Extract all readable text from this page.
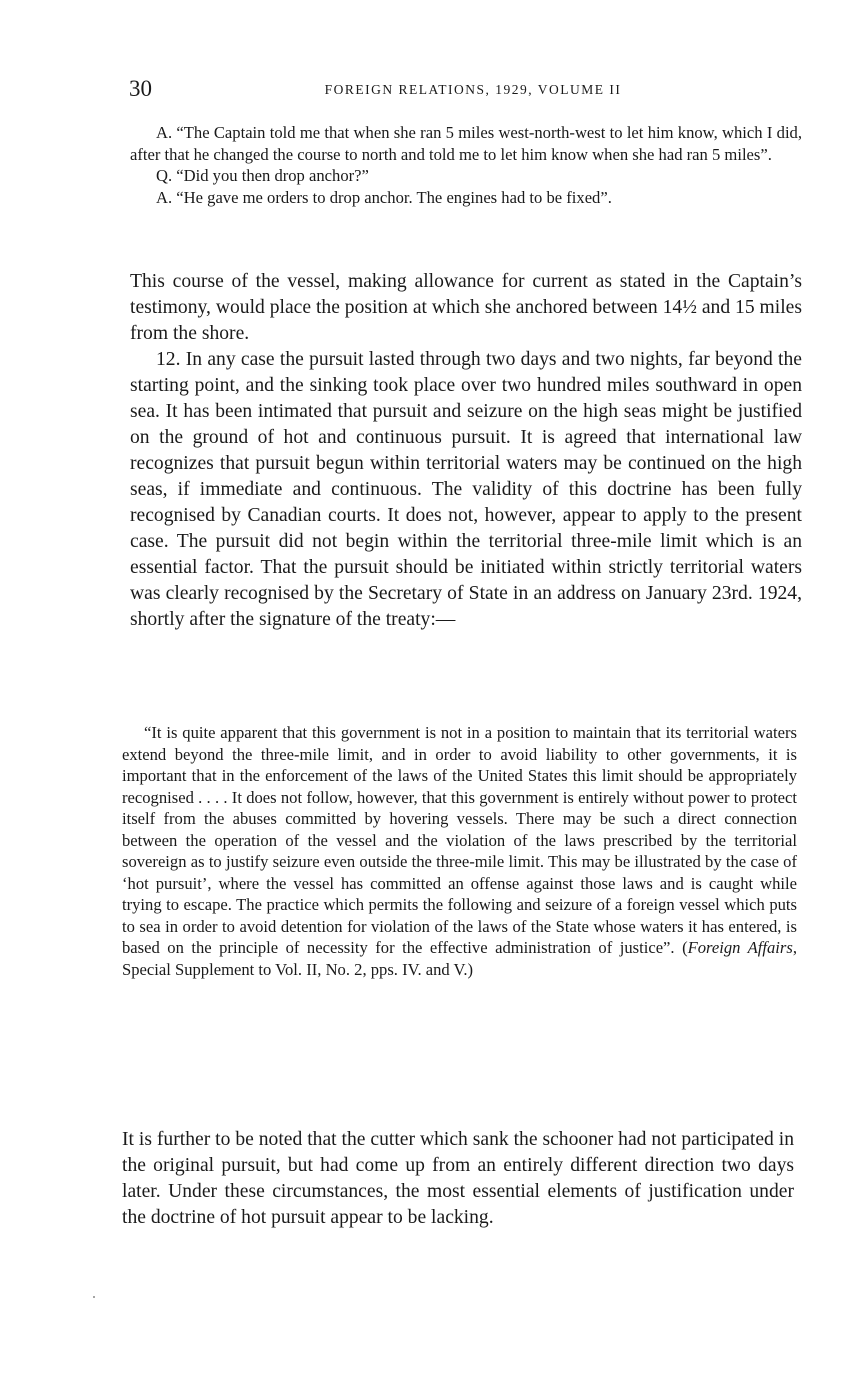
30	FOREIGN RELATIONS, 1929, VOLUME II

A. “The Captain told me that when she ran 5 miles west-north-west to let him know, which I did, after that he changed the course to north and told me to let him know when she had ran 5 miles”.

Q. “Did you then drop anchor?”

A. “He gave me orders to drop anchor. The engines had to be fixed”.

This course of the vessel, making allowance for current as stated in the Captain’s testimony, would place the position at which she anchored between 14½ and 15 miles from the shore.

12. In any case the pursuit lasted through two days and two nights, far beyond the starting point, and the sinking took place over two hundred miles southward in open sea. It has been intimated that pursuit and seizure on the high seas might be justified on the ground of hot and continuous pursuit. It is agreed that international law recognizes that pursuit begun within territorial waters may be continued on the high seas, if immediate and continuous. The validity of this doctrine has been fully recognised by Canadian courts. It does not, however, appear to apply to the present case. The pursuit did not begin within the territorial three-mile limit which is an essential factor. That the pursuit should be initiated within strictly territorial waters was clearly recognised by the Secretary of State in an address on January 23rd. 1924, shortly after the signature of the treaty:—

“It is quite apparent that this government is not in a position to maintain that its territorial waters extend beyond the three-mile limit, and in order to avoid liability to other governments, it is important that in the enforcement of the laws of the United States this limit should be appropriately recognised . . . . It does not follow, however, that this government is entirely without power to protect itself from the abuses committed by hovering vessels. There may be such a direct connection between the operation of the vessel and the violation of the laws prescribed by the territorial sovereign as to justify seizure even outside the three-mile limit. This may be illustrated by the case of ‘hot pursuit’, where the vessel has committed an offense against those laws and is caught while trying to escape. The practice which permits the following and seizure of a foreign vessel which puts to sea in order to avoid detention for violation of the laws of the State whose waters it has entered, is based on the principle of necessity for the effective administration of justice”. (Foreign Affairs, Special Supplement to Vol. II, No. 2, pps. IV. and V.)

It is further to be noted that the cutter which sank the schooner had not participated in the original pursuit, but had come up from an entirely different direction two days later. Under these circumstances, the most essential elements of justification under the doctrine of hot pursuit appear to be lacking.
